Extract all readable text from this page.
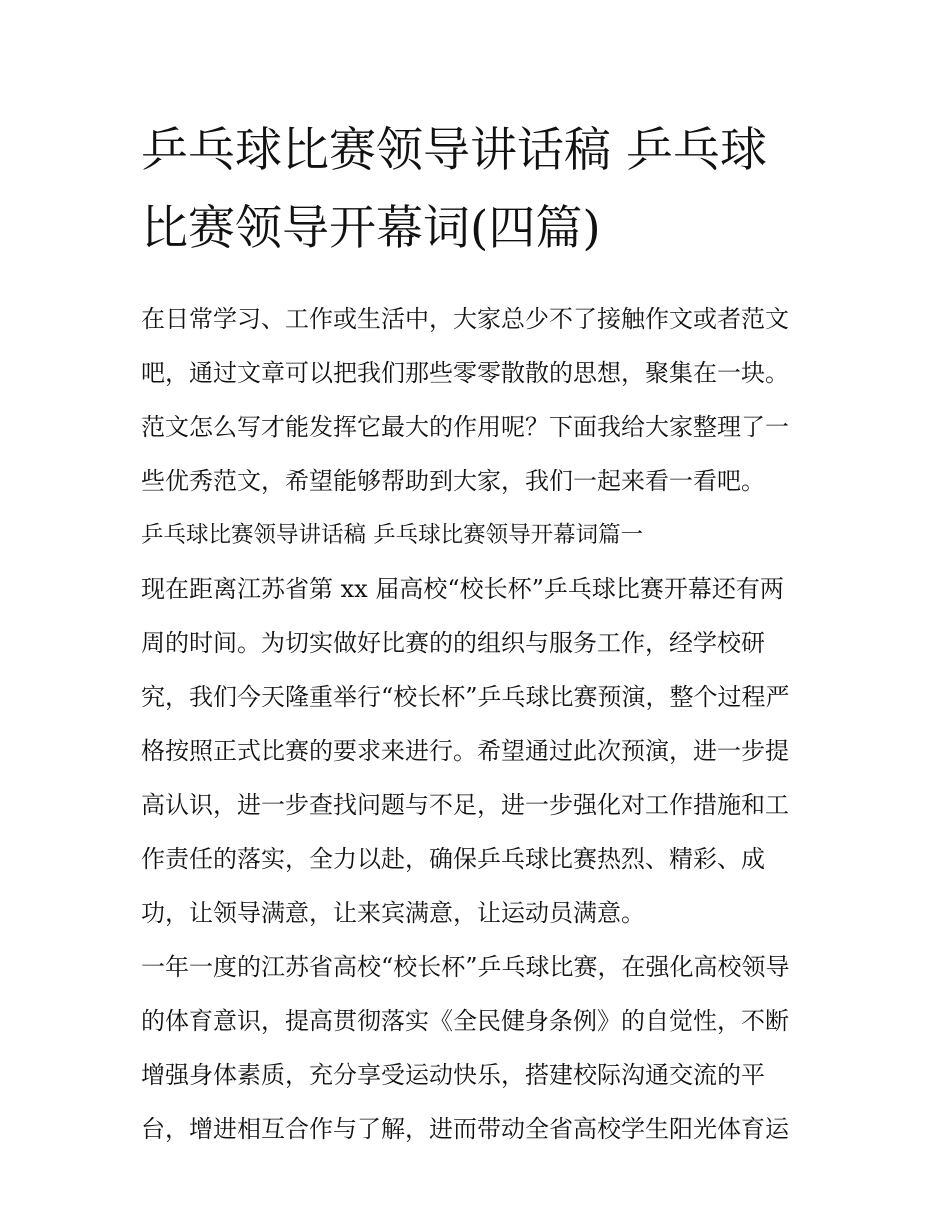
乒乓球比赛领导讲话稿 乒乓球
比赛领导开幕词(四篇)

在日常学习、工作或生活中，大家总少不了接触作文或者范文

吧，通过文章可以把我们那些零零散散的思想，聚集在一块。

范文怎么写才能发挥它最大的作用呢？下面我给大家整理了一

些优秀范文，希望能够帮助到大家，我们一起来看一看吧。

乒乓球比赛领导讲话稿 乒乓球比赛领导开幕词篇一

现在距离江苏省第 xx 届高校“校长杯”乒乓球比赛开幕还有两

周的时间。为切实做好比赛的的组织与服务工作，经学校研

究，我们今天隆重举行“校长杯”乒乓球比赛预演，整个过程严

格按照正式比赛的要求来进行。希望通过此次预演，进一步提

高认识，进一步查找问题与不足，进一步强化对工作措施和工

作责任的落实，全力以赴，确保乒乓球比赛热烈、精彩、成

功，让领导满意，让来宾满意，让运动员满意。

一年一度的江苏省高校“校长杯”乒乓球比赛，在强化高校领导

的体育意识，提高贯彻落实《全民健身条例》的自觉性，不断

增强身体素质，充分享受运动快乐，搭建校际沟通交流的平

台，增进相互合作与了解，进而带动全省高校学生阳光体育运
